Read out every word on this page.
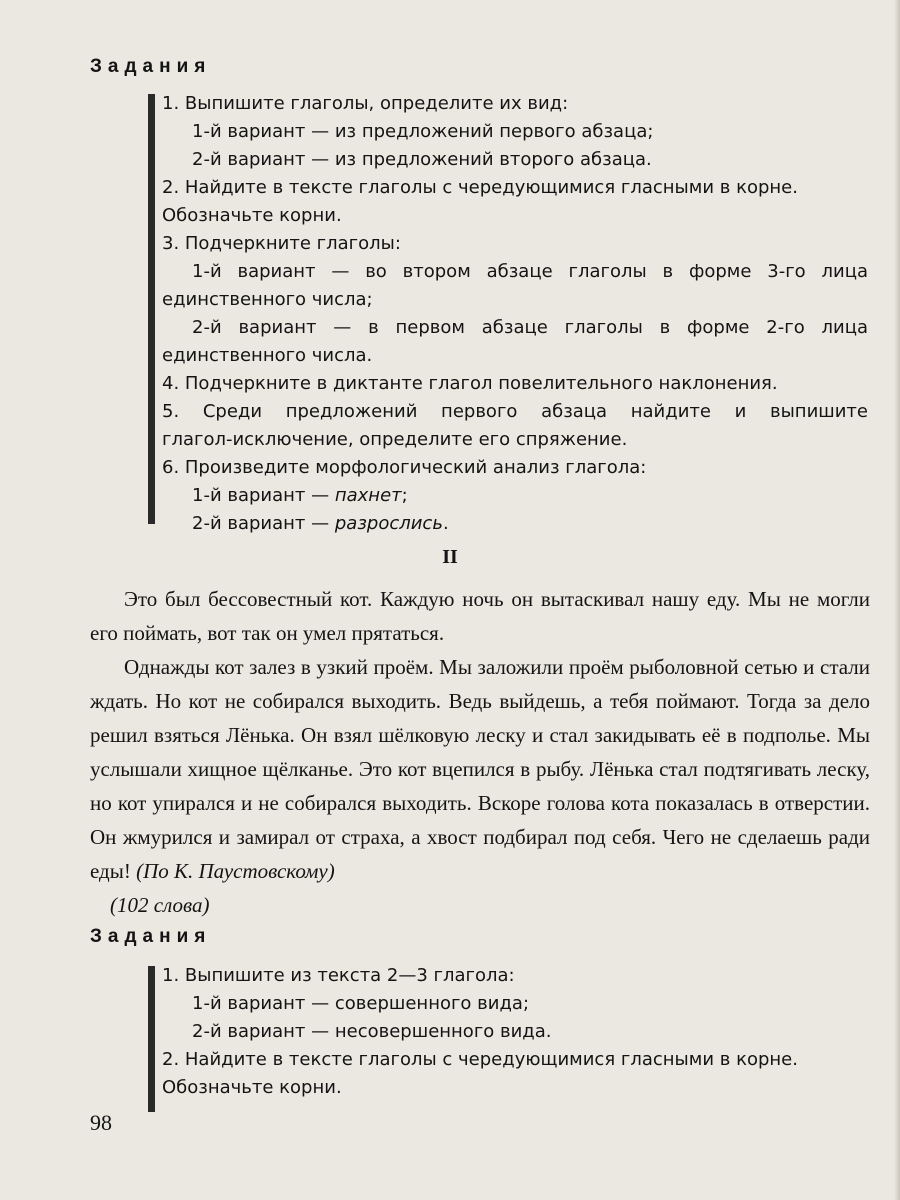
Задания
1. Выпишите глаголы, определите их вид:
1-й вариант — из предложений первого абзаца;
2-й вариант — из предложений второго абзаца.
2. Найдите в тексте глаголы с чередующимися гласными в корне.
Обозначьте корни.
3. Подчеркните глаголы:
1-й вариант — во втором абзаце глаголы в форме 3-го лица
единственного числа;
2-й вариант — в первом абзаце глаголы в форме 2-го лица
единственного числа.
4. Подчеркните в диктанте глагол повелительного наклонения.
5. Среди предложений первого абзаца найдите и выпишите
глагол-исключение, определите его спряжение.
6. Произведите морфологический анализ глагола:
1-й вариант — пахнет;
2-й вариант — разрослись.
II

Это был бессовестный кот. Каждую ночь он вытаскивал нашу еду. Мы не могли его поймать, вот так он умел прятаться.

Однажды кот залез в узкий проём. Мы заложили проём рыболовной сетью и стали ждать. Но кот не собирался выходить. Ведь выйдешь, а тебя поймают. Тогда за дело решил взяться Лёнька. Он взял шёлковую леску и стал закидывать её в подполье. Мы услышали хищное щёлканье. Это кот вцепился в рыбу. Лёнька стал подтягивать леску, но кот упирался и не собирался выходить. Вскоре голова кота показалась в отверстии. Он жмурился и замирал от страха, а хвост подбирал под себя. Чего не сделаешь ради еды! (По К. Паустовскому)

(102 слова)
Задания
1. Выпишите из текста 2—3 глагола:
1-й вариант — совершенного вида;
2-й вариант — несовершенного вида.
2. Найдите в тексте глаголы с чередующимися гласными в корне.
Обозначьте корни.
98
